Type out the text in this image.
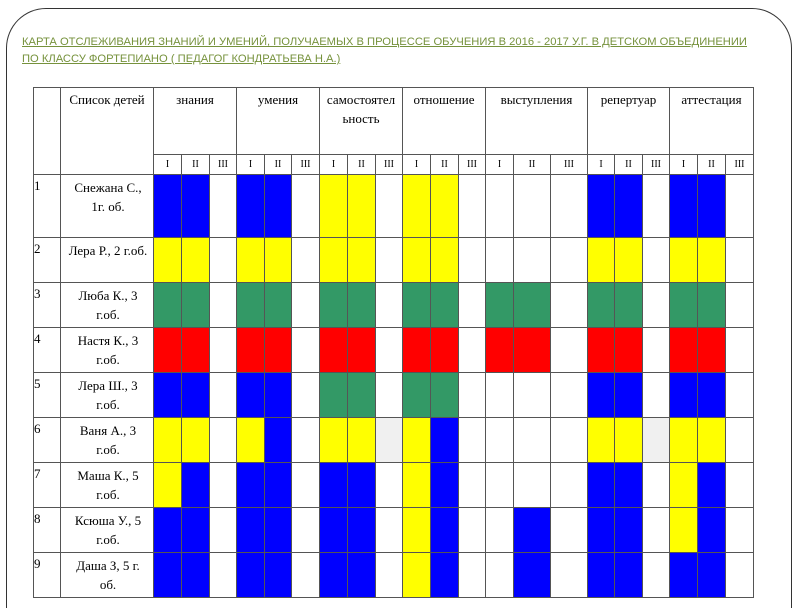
КАРТА ОТСЛЕЖИВАНИЯ ЗНАНИЙ И УМЕНИЙ, ПОЛУЧАЕМЫХ В ПРОЦЕССЕ ОБУЧЕНИЯ В 2016 - 2017 У.Г. В ДЕТСКОМ ОБЪЕДИНЕНИИ ПО КЛАССУ ФОРТЕПИАНО ( ПЕДАГОГ КОНДРАТЬЕВА Н.А.)
	Список детей	знания			умения			самостоятельность			отношение			выступления			репертуар			аттестация		
		I	II	III	I	II	III	I	II	III	I	II	III	I	II	III	I	II	III	I	II	III
1	Снежана С., 1г. об.																					
2	Лера Р., 2 г.об.																					
3	Люба К., 3 г.об.																					
4	Настя К., 3 г.об.																					
5	Лера Ш., 3 г.об.																					
6	Ваня А., 3 г.об.																					
7	Маша К., 5 г.об.																					
8	Ксюша У., 5 г.об.																					
9	Даша З, 5 г. об.																					
